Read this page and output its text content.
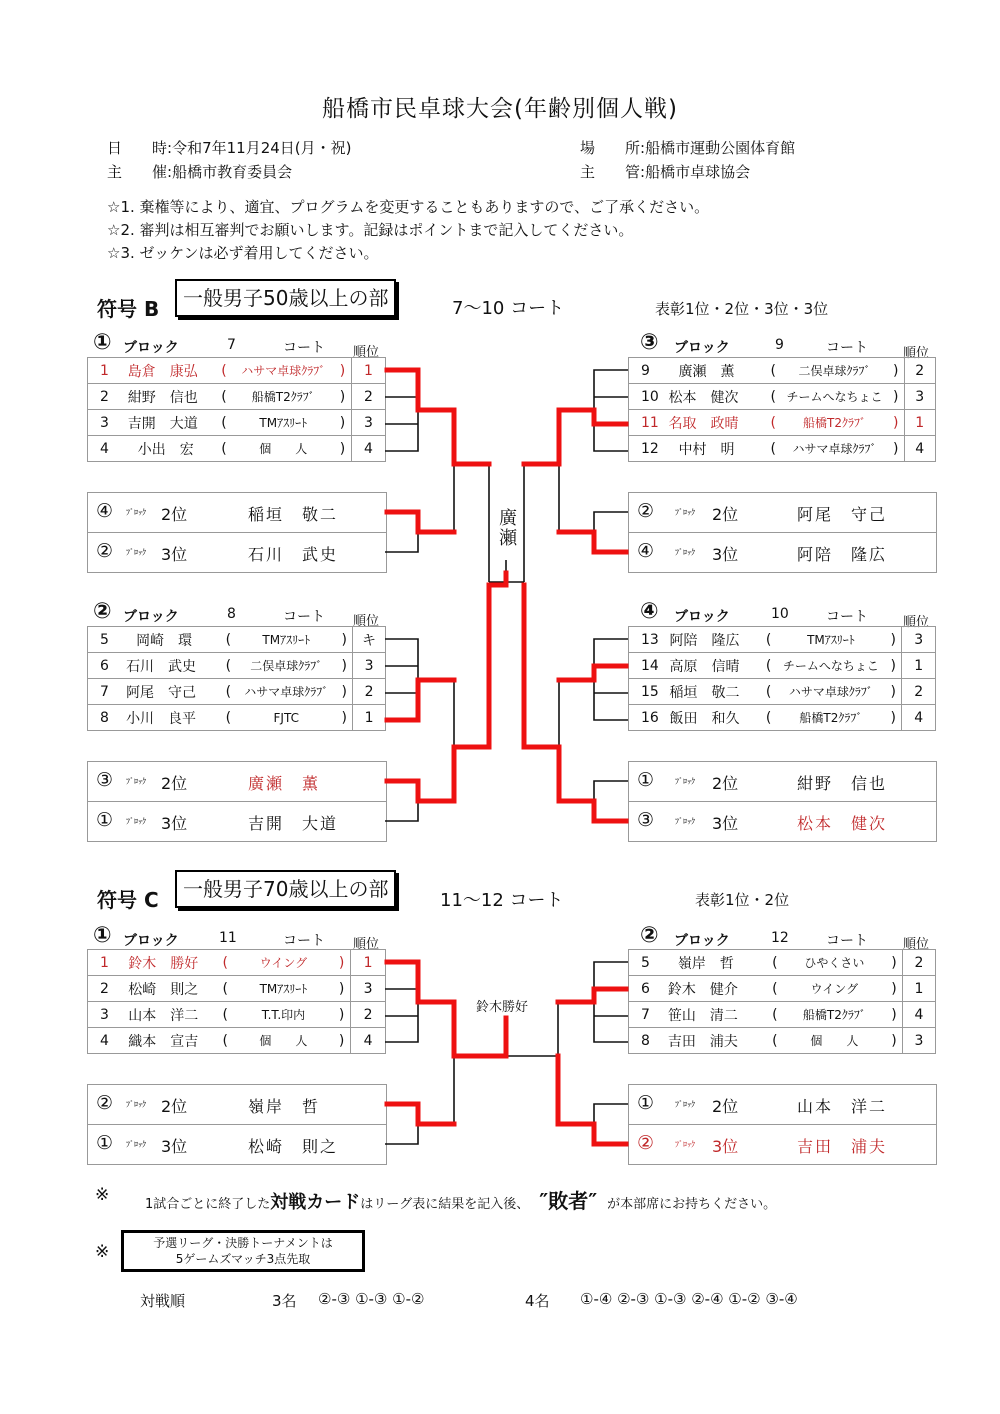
船橋市民卓球大会(年齢別個人戦)
日　　時:令和7年11月24日(月・祝)
主　　催:船橋市教育委員会
場　　所:船橋市運動公園体育館
主　　管:船橋市卓球協会
☆1. 棄権等により、適宜、プログラムを変更することもありますので、ご了承ください。
☆2. 審判は相互審判でお願いします。記録はポイントまで記入してください。
☆3. ゼッケンは必ず着用してください。
符号 B	一般男子50歳以上の部	7〜10 コート	表彰1位・2位・3位・3位
① ブロック	7	コート 順位
1	島倉　康弘	(	ハサマ卓球ｸﾗﾌﾞ	)	1
2	紺野　信也	(	船橋T2ｸﾗﾌﾞ	)	2
3	吉開　大道	(	TMｱｽﾘｰﾄ	)	3
4	小出　宏	(	個　　人	)	4
④ ﾌﾞﾛｯｸ 2位	稲垣　敬二
② ﾌﾞﾛｯｸ 3位	石川　武史
② ブロック	8	コート 順位
5	岡崎　環	(	TMｱｽﾘｰﾄ	)	キ
6	石川　武史	(	二俣卓球ｸﾗﾌﾞ	)	3
7	阿尾　守己	(	ハサマ卓球ｸﾗﾌﾞ	)	2
8	小川　良平	(	FJTC	)	1
③ ﾌﾞﾛｯｸ 2位	廣瀬　薫
① ﾌﾞﾛｯｸ 3位	吉開　大道
③ ブロック	9	コート	順位
9	廣瀬　薫	(	二俣卓球ｸﾗﾌﾞ	)	2
10	松本　健次	(	チームへなちょこ	)	3
11	名取　政晴	(	船橋T2ｸﾗﾌﾞ	)	1
12	中村　明	(	ハサマ卓球ｸﾗﾌﾞ	)	4
②	ﾌﾞﾛｯｸ 2位	阿尾　守己
④	ﾌﾞﾛｯｸ 3位	阿陪　隆広
④ ブロック	10	コート	順位
13	阿陪　隆広	(	TMｱｽﾘｰﾄ	)	3
14	高原　信晴	(	チームへなちょこ	)	1
15	稲垣　敬二	(	ハサマ卓球ｸﾗﾌﾞ	)	2
16	飯田　和久	(	船橋T2ｸﾗﾌﾞ	)	4
①	ﾌﾞﾛｯｸ 2位	紺野　信也
③	ﾌﾞﾛｯｸ 3位	松本　健次
廣瀬
符号 C	一般男子70歳以上の部	11〜12 コート	表彰1位・2位
① ブロック	11	コート 順位
1	鈴木　勝好	(	ウイング	)	1
2	松崎　則之	(	TMｱｽﾘｰﾄ	)	3
3	山本　洋二	(	T.T.印内	)	2
4	織本　宣吉	(	個　　人	)	4
② ﾌﾞﾛｯｸ 2位	嶺岸　哲
① ﾌﾞﾛｯｸ 3位	松崎　則之
② ブロック	12	コート	順位
5	嶺岸　哲	(	ひやくさい	)	2
6	鈴木　健介	(	ウイング	)	1
7	笹山　清二	(	船橋T2ｸﾗﾌﾞ	)	4
8	吉田　浦夫	(	個　　人	)	3
①	ﾌﾞﾛｯｸ 2位	山本　洋二
②	ﾌﾞﾛｯｸ 3位	吉田　浦夫
鈴木勝好
※	1試合ごとに終了した対戦カードはリーグ表に結果を記入後、 ″敗者″ が本部席にお持ちください。
※	予選リーグ・決勝トーナメントは
5ゲームズマッチ3点先取
対戦順	3名 ②-③ ①-③ ①-②	4名 ①-④ ②-③ ①-③ ②-④ ①-② ③-④
